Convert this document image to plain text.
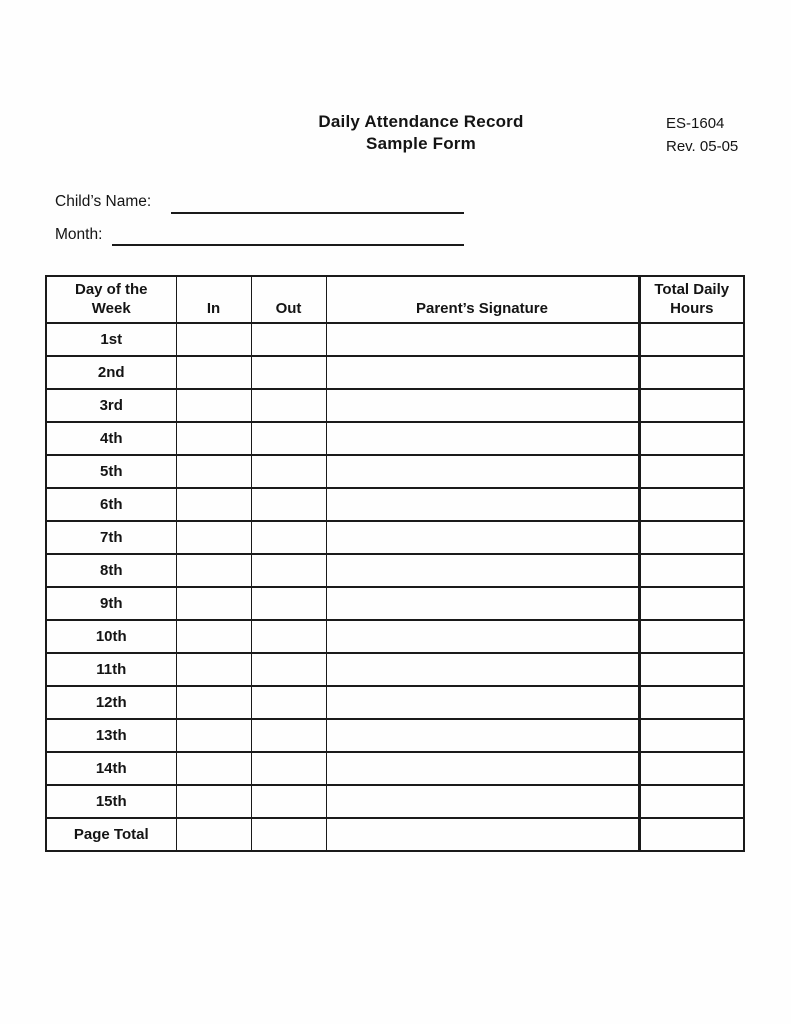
Daily Attendance Record
Sample Form
ES-1604
Rev. 05-05
Child’s Name:
Month:
Day of the Week	In	Out	Parent’s Signature	Total Daily Hours
1st				
2nd				
3rd				
4th				
5th				
6th				
7th				
8th				
9th				
10th				
11th				
12th				
13th				
14th				
15th				
Page Total				
